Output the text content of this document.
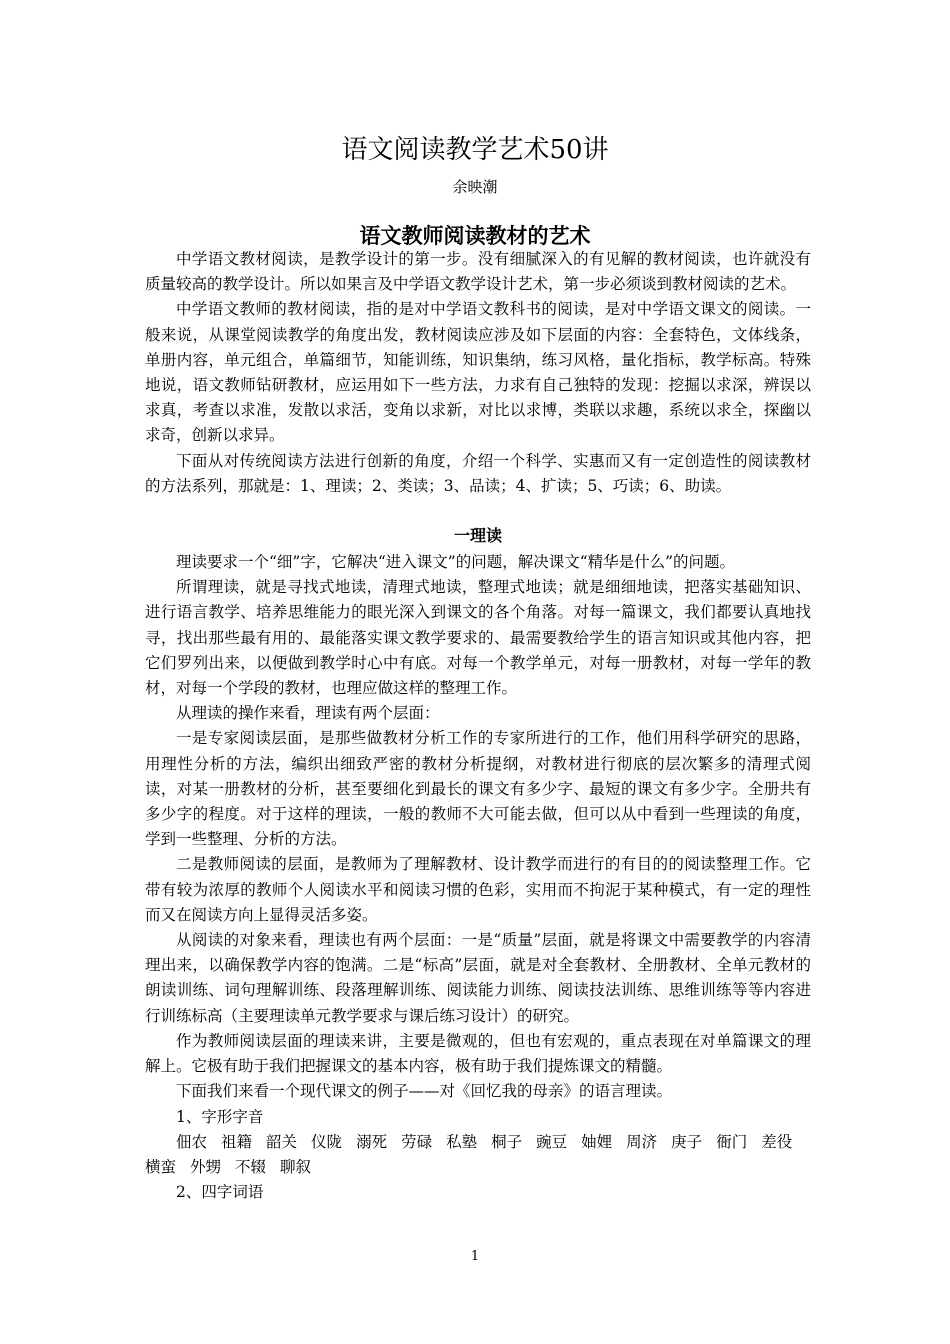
语文阅读教学艺术50讲
余映潮
语文教师阅读教材的艺术

中学语文教材阅读，是教学设计的第一步。没有细腻深入的有见解的教材阅读，也许就没有质量较高的教学设计。所以如果言及中学语文教学设计艺术，第一步必须谈到教材阅读的艺术。

中学语文教师的教材阅读，指的是对中学语文教科书的阅读，是对中学语文课文的阅读。一般来说，从课堂阅读教学的角度出发，教材阅读应涉及如下层面的内容：全套特色，文体线条，单册内容，单元组合，单篇细节，知能训练，知识集纳，练习风格，量化指标，教学标高。特殊地说，语文教师钻研教材，应运用如下一些方法，力求有自己独特的发现：挖掘以求深，辨误以求真，考查以求准，发散以求活，变角以求新，对比以求博，类联以求趣，系统以求全，探幽以求奇，创新以求异。

下面从对传统阅读方法进行创新的角度，介绍一个科学、实惠而又有一定创造性的阅读教材的方法系列，那就是：1、理读；2、类读；3、品读；4、扩读；5、巧读；6、助读。

一理读

理读要求一个“细”字，它解决“进入课文”的问题，解决课文“精华是什么”的问题。

所谓理读，就是寻找式地读，清理式地读，整理式地读；就是细细地读，把落实基础知识、进行语言教学、培养思维能力的眼光深入到课文的各个角落。对每一篇课文，我们都要认真地找寻，找出那些最有用的、最能落实课文教学要求的、最需要教给学生的语言知识或其他内容，把它们罗列出来，以便做到教学时心中有底。对每一个教学单元，对每一册教材，对每一学年的教材，对每一个学段的教材，也理应做这样的整理工作。

从理读的操作来看，理读有两个层面：

一是专家阅读层面，是那些做教材分析工作的专家所进行的工作，他们用科学研究的思路，用理性分析的方法，编织出细致严密的教材分析提纲，对教材进行彻底的层次繁多的清理式阅读，对某一册教材的分析，甚至要细化到最长的课文有多少字、最短的课文有多少字。全册共有多少字的程度。对于这样的理读，一般的教师不大可能去做，但可以从中看到一些理读的角度，学到一些整理、分析的方法。

二是教师阅读的层面，是教师为了理解教材、设计教学而进行的有目的的阅读整理工作。它带有较为浓厚的教师个人阅读水平和阅读习惯的色彩，实用而不拘泥于某种模式，有一定的理性而又在阅读方向上显得灵活多姿。

从阅读的对象来看，理读也有两个层面：一是“质量”层面，就是将课文中需要教学的内容清理出来，以确保教学内容的饱满。二是“标高”层面，就是对全套教材、全册教材、全单元教材的朗读训练、词句理解训练、段落理解训练、阅读能力训练、阅读技法训练、思维训练等等内容进行训练标高（主要理读单元教学要求与课后练习设计）的研究。

作为教师阅读层面的理读来讲，主要是微观的，但也有宏观的，重点表现在对单篇课文的理解上。它极有助于我们把握课文的基本内容，极有助于我们提炼课文的精髓。

下面我们来看一个现代课文的例子——对《回忆我的母亲》的语言理读。

1、字形字音

佃农 祖籍 韶关 仪陇 溺死 劳碌 私塾 桐子 豌豆 妯娌 周济 庚子 衙门 差役横蛮 外甥 不辍 聊叙

2、四字词语

1
